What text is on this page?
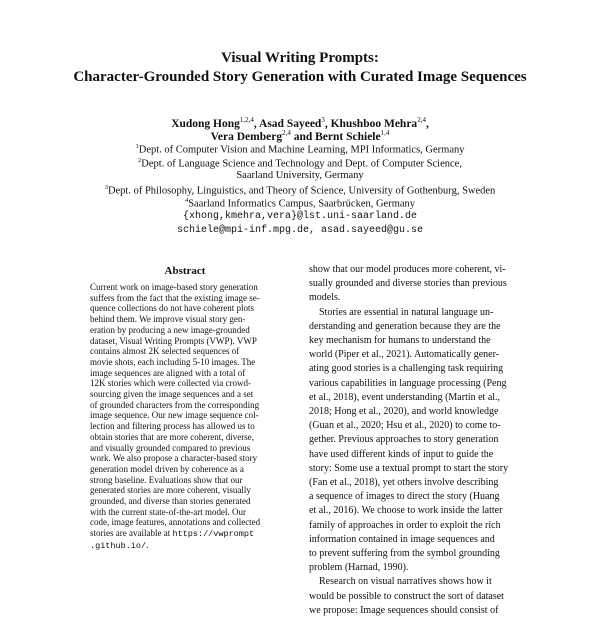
Visual Writing Prompts:
Character-Grounded Story Generation with Curated Image Sequences
Xudong Hong$^{1,2,4}$, Asad Sayeed$^3$, Khushboo Mehra$^{2,4}$,
Vera Demberg$^{2,4}$ and Bernt Schiele$^{1,4}$
$^1$Dept. of Computer Vision and Machine Learning, MPI Informatics, Germany
$^2$Dept. of Language Science and Technology and Dept. of Computer Science,
Saarland University, Germany
$^3$Dept. of Philosophy, Linguistics, and Theory of Science, University of Gothenburg, Sweden
$^4$Saarland Informatics Campus, Saarbrücken, Germany
{xhong,kmehra,vera}@lst.uni-saarland.de
schiele@mpi-inf.mpg.de, asad.sayeed@gu.se
Abstract
Current work on image-based story generation
suffers from the fact that the existing image se-
quence collections do not have coherent plots
behind them. We improve visual story gen-
eration by producing a new image-grounded
dataset, Visual Writing Prompts (VWP). VWP
contains almost 2K selected sequences of
movie shots, each including 5-10 images. The
image sequences are aligned with a total of
12K stories which were collected via crowd-
sourcing given the image sequences and a set
of grounded characters from the corresponding
image sequence. Our new image sequence col-
lection and filtering process has allowed us to
obtain stories that are more coherent, diverse,
and visually grounded compared to previous
work. We also propose a character-based story
generation model driven by coherence as a
strong baseline. Evaluations show that our
generated stories are more coherent, visually
grounded, and diverse than stories generated
with the current state-of-the-art model. Our
code, image features, annotations and collected
stories are available at https://vwprompt
.github.io/.
show that our model produces more coherent, vi-
sually grounded and diverse stories than previous
models.
Stories are essential in natural language un-
derstanding and generation because they are the
key mechanism for humans to understand the
world (Piper et al., 2021). Automatically gener-
ating good stories is a challenging task requiring
various capabilities in language processing (Peng
et al., 2018), event understanding (Martin et al.,
2018; Hong et al., 2020), and world knowledge
(Guan et al., 2020; Hsu et al., 2020) to come to-
gether. Previous approaches to story generation
have used different kinds of input to guide the
story: Some use a textual prompt to start the story
(Fan et al., 2018), yet others involve describing
a sequence of images to direct the story (Huang
et al., 2016). We choose to work inside the latter
family of approaches in order to exploit the rich
information contained in image sequences and
to prevent suffering from the symbol grounding
problem (Harnad, 1990).
Research on visual narratives shows how it
would be possible to construct the sort of dataset
we propose: Image sequences should consist of
